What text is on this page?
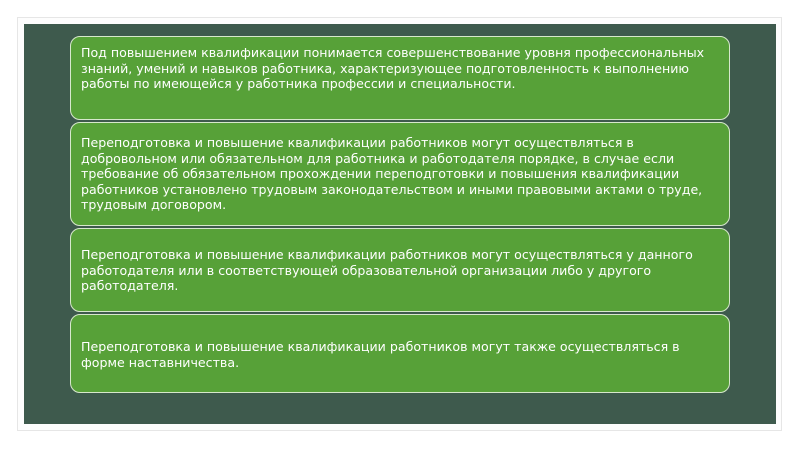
Под повышением квалификации понимается совершенствование уровня профессиональных знаний, умений и навыков работника, характеризующее подготовленность к выполнению работы по имеющейся у работника профессии и специальности.

Переподготовка и повышение квалификации работников могут осуществляться в добровольном или обязательном для работника и работодателя порядке, в случае если требование об обязательном прохождении переподготовки и повышения квалификации работников установлено трудовым законодательством и иными правовыми актами о труде, трудовым договором.

Переподготовка и повышение квалификации работников могут осуществляться у данного работодателя или в соответствующей образовательной организации либо у другого работодателя.

Переподготовка и повышение квалификации работников могут также осуществляться в форме наставничества.
